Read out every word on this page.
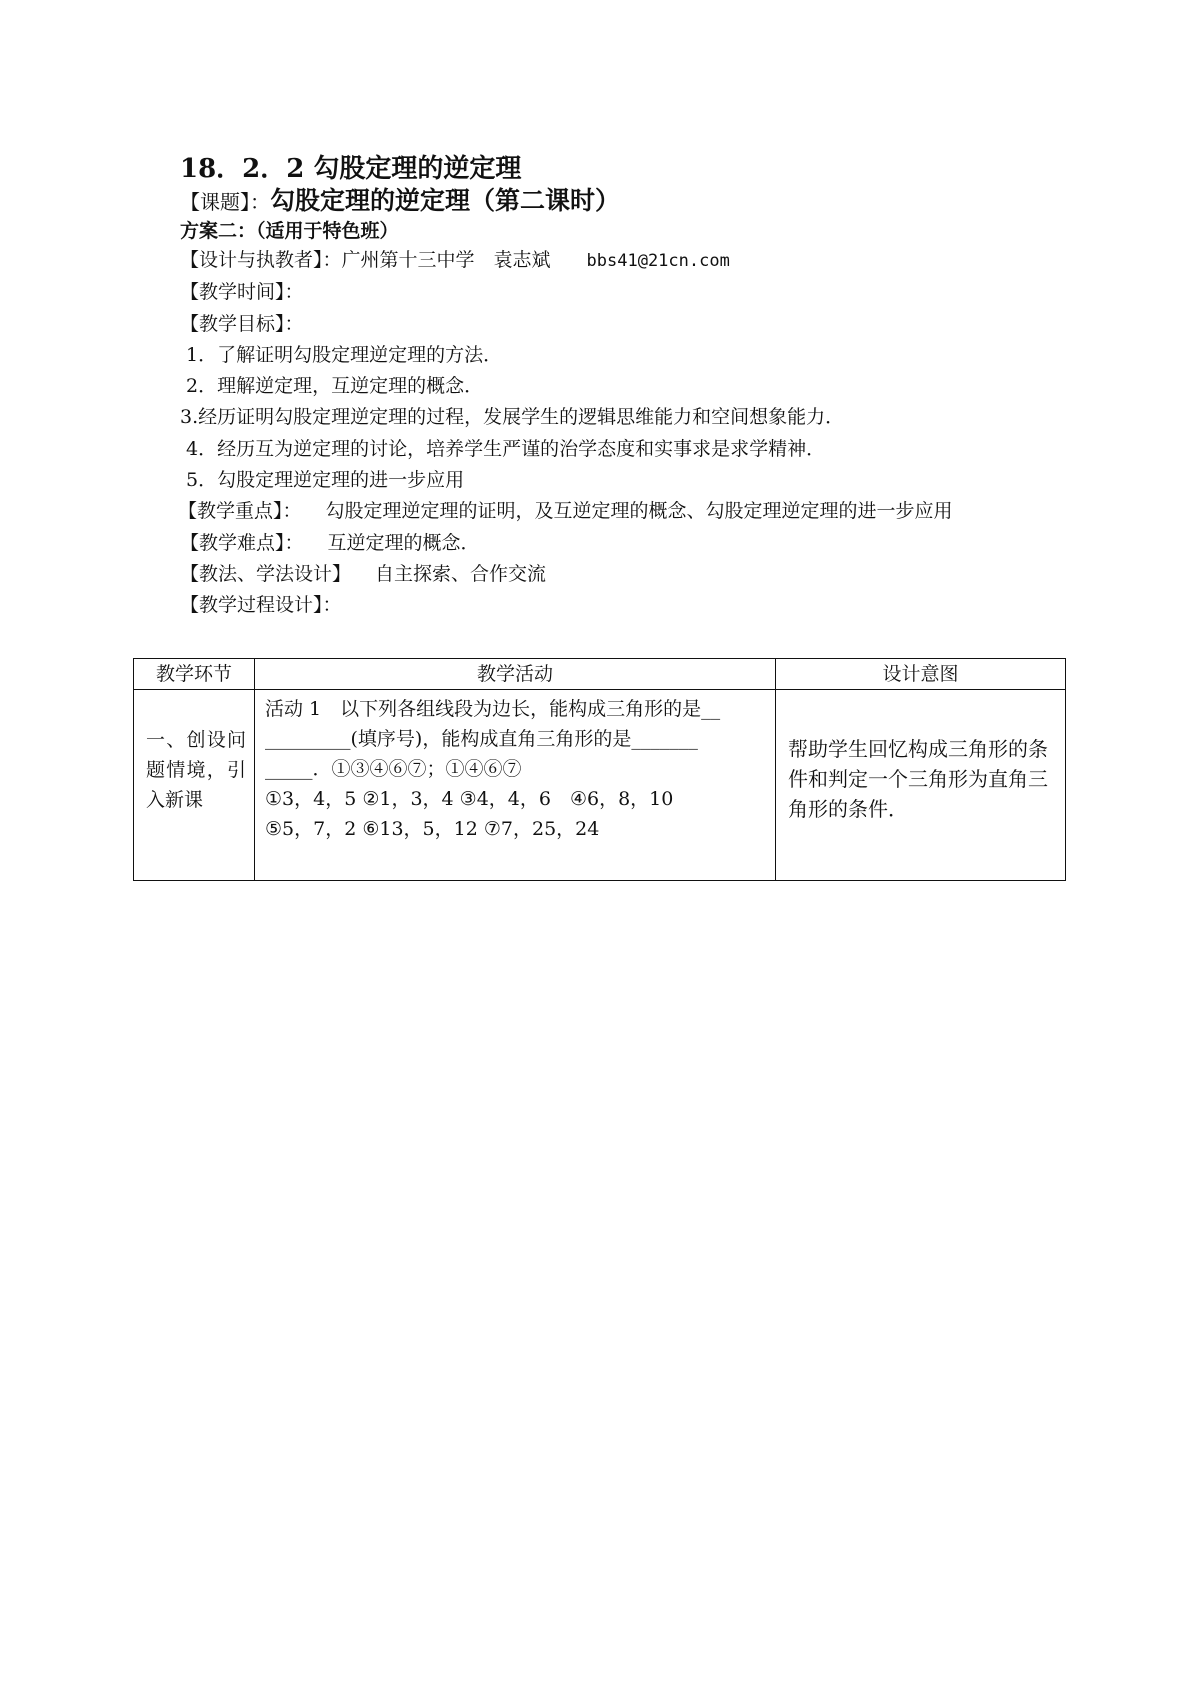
18．2．2 勾股定理的逆定理
【课题】：勾股定理的逆定理（第二课时）
方案二：（适用于特色班）
【设计与执教者】：广州第十三中学　袁志斌 bbs41@21cn.com
【教学时间】：
【教学目标】：
1．了解证明勾股定理逆定理的方法．
2．理解逆定理，互逆定理的概念．
3.经历证明勾股定理逆定理的过程，发展学生的逻辑思维能力和空间想象能力．
4．经历互为逆定理的讨论，培养学生严谨的治学态度和实事求是求学精神．
5．勾股定理逆定理的进一步应用
【教学重点】： 勾股定理逆定理的证明，及互逆定理的概念、勾股定理逆定理的进一步应用
【教学难点】： 互逆定理的概念．
【教法、学法设计】 自主探索、合作交流
【教学过程设计】：
教学环节	教学活动	设计意图
一、创设问题情境，引入新课	活动 1　以下列各组线段为边长，能构成三角形的是__
_________(填序号)，能构成直角三角形的是_______
_____．①③④⑥⑦；①④⑥⑦
①3，4，5 ②1，3，4 ③4，4，6　④6，8，10
⑤5，7，2 ⑥13，5，12 ⑦7，25，24	帮助学生回忆构成三角形的条件和判定一个三角形为直角三角形的条件．
